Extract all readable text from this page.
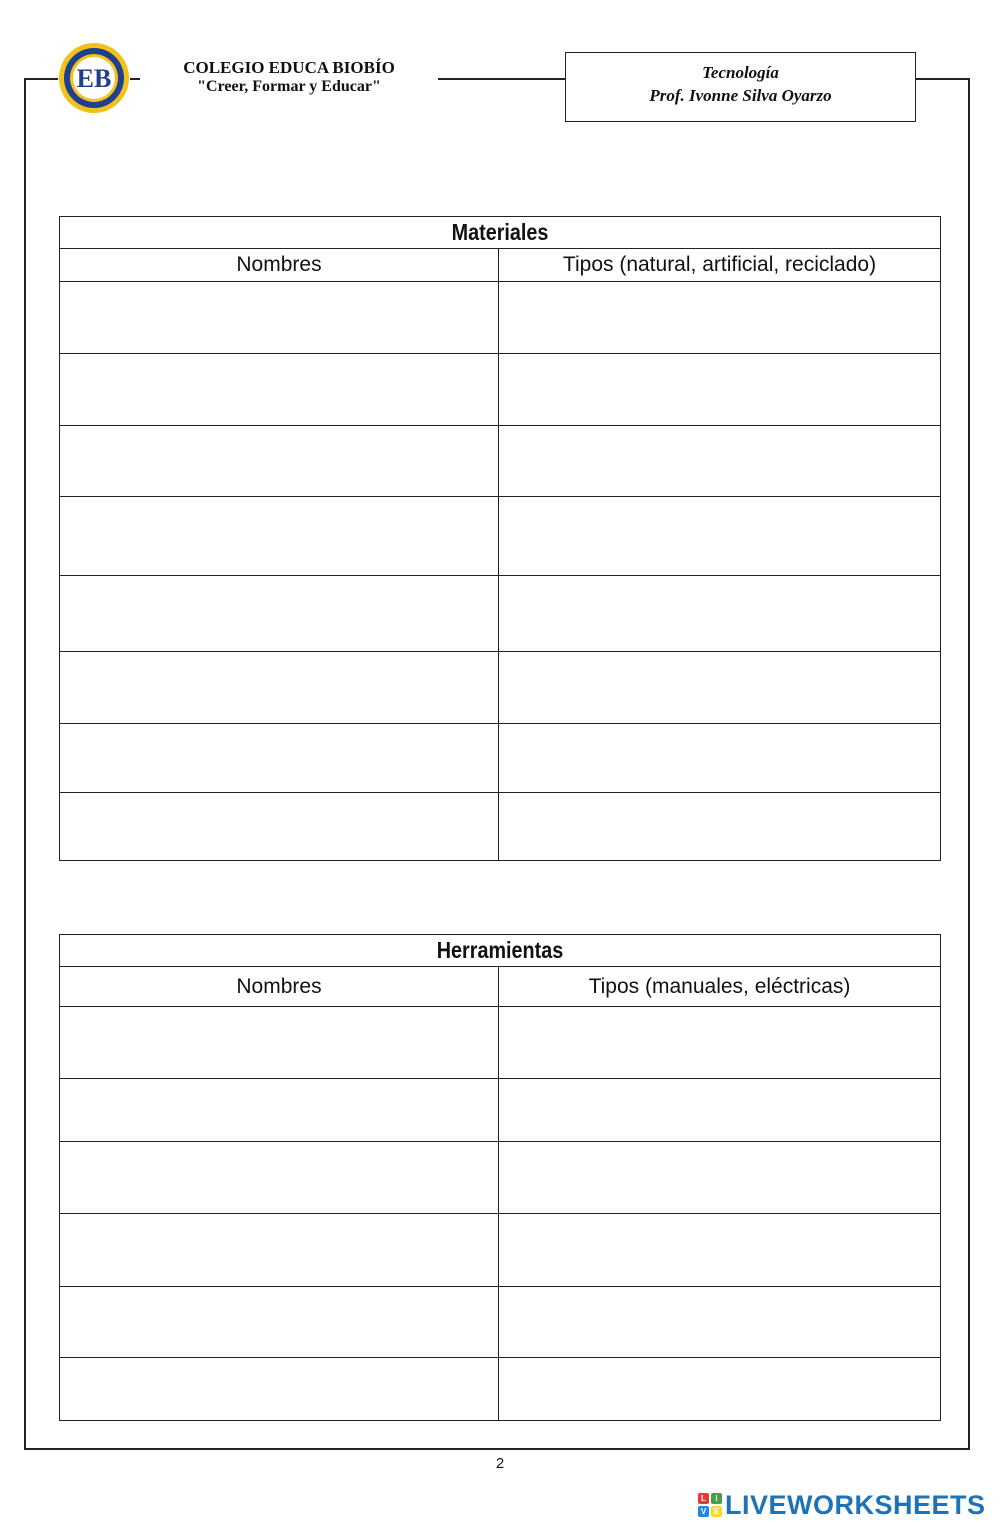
EB	COLEGIO EDUCA BIOBÍO
"Creer, Formar y Educar"
Tecnología
Prof. Ivonne Silva Oyarzo
Materiales	

Nombres	Tipos (natural, artificial, reciclado)

Herramientas	

Nombres	Tipos (manuales, eléctricas)

2
L	I
V E LIVEWORKSHEETS
